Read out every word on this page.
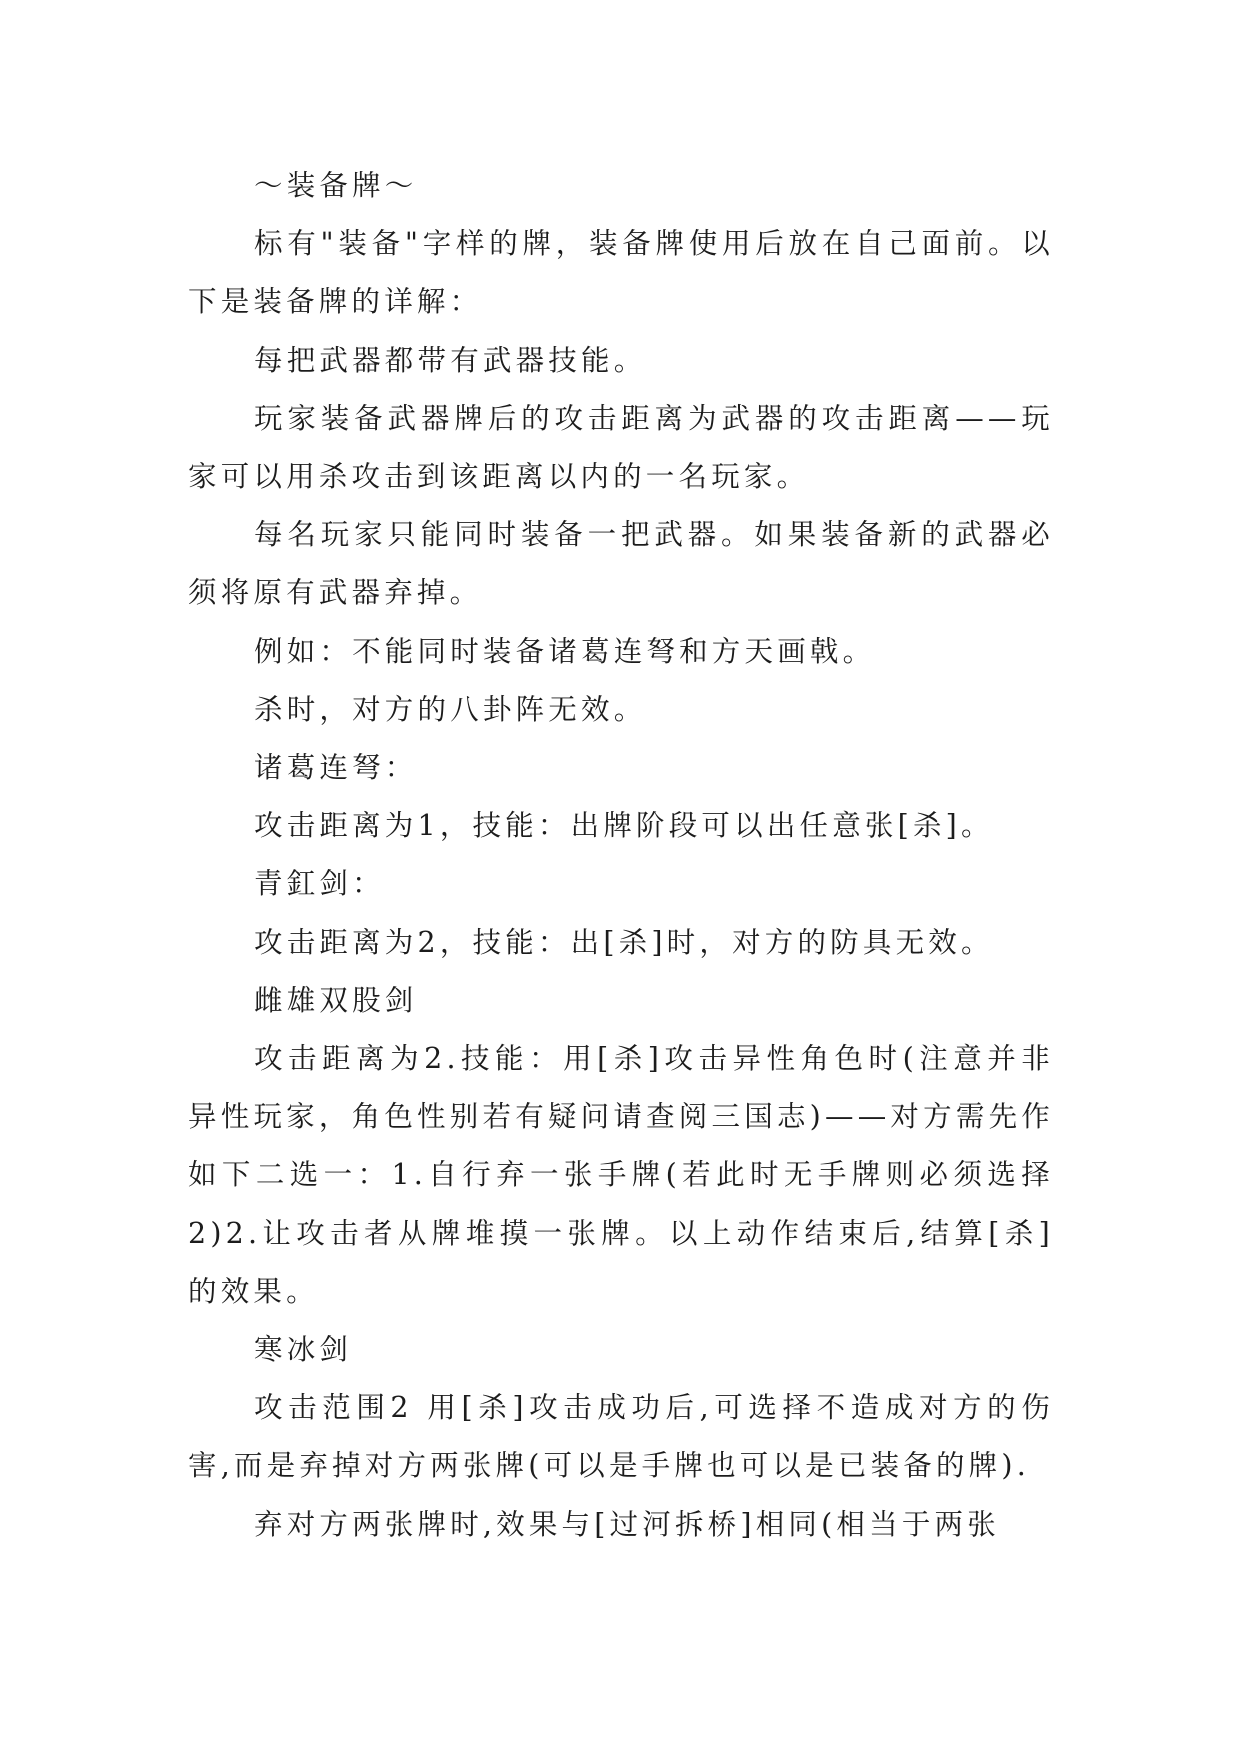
～装备牌～

标有"装备"字样的牌，装备牌使用后放在自己面前。以下是装备牌的详解：

每把武器都带有武器技能。

玩家装备武器牌后的攻击距离为武器的攻击距离——玩家可以用杀攻击到该距离以内的一名玩家。

每名玩家只能同时装备一把武器。如果装备新的武器必须将原有武器弃掉。

例如：不能同时装备诸葛连弩和方天画戟。

杀时，对方的八卦阵无效。

诸葛连弩：

攻击距离为1，技能：出牌阶段可以出任意张[杀]。

青釭剑：

攻击距离为2，技能：出[杀]时，对方的防具无效。

雌雄双股剑

攻击距离为2.技能：用[杀]攻击异性角色时(注意并非异性玩家，角色性别若有疑问请查阅三国志)——对方需先作如下二选一：1.自行弃一张手牌(若此时无手牌则必须选择2)2.让攻击者从牌堆摸一张牌。以上动作结束后,结算[杀]的效果。

寒冰剑

攻击范围2 用[杀]攻击成功后,可选择不造成对方的伤害,而是弃掉对方两张牌(可以是手牌也可以是已装备的牌).

弃对方两张牌时,效果与[过河拆桥]相同(相当于两张
